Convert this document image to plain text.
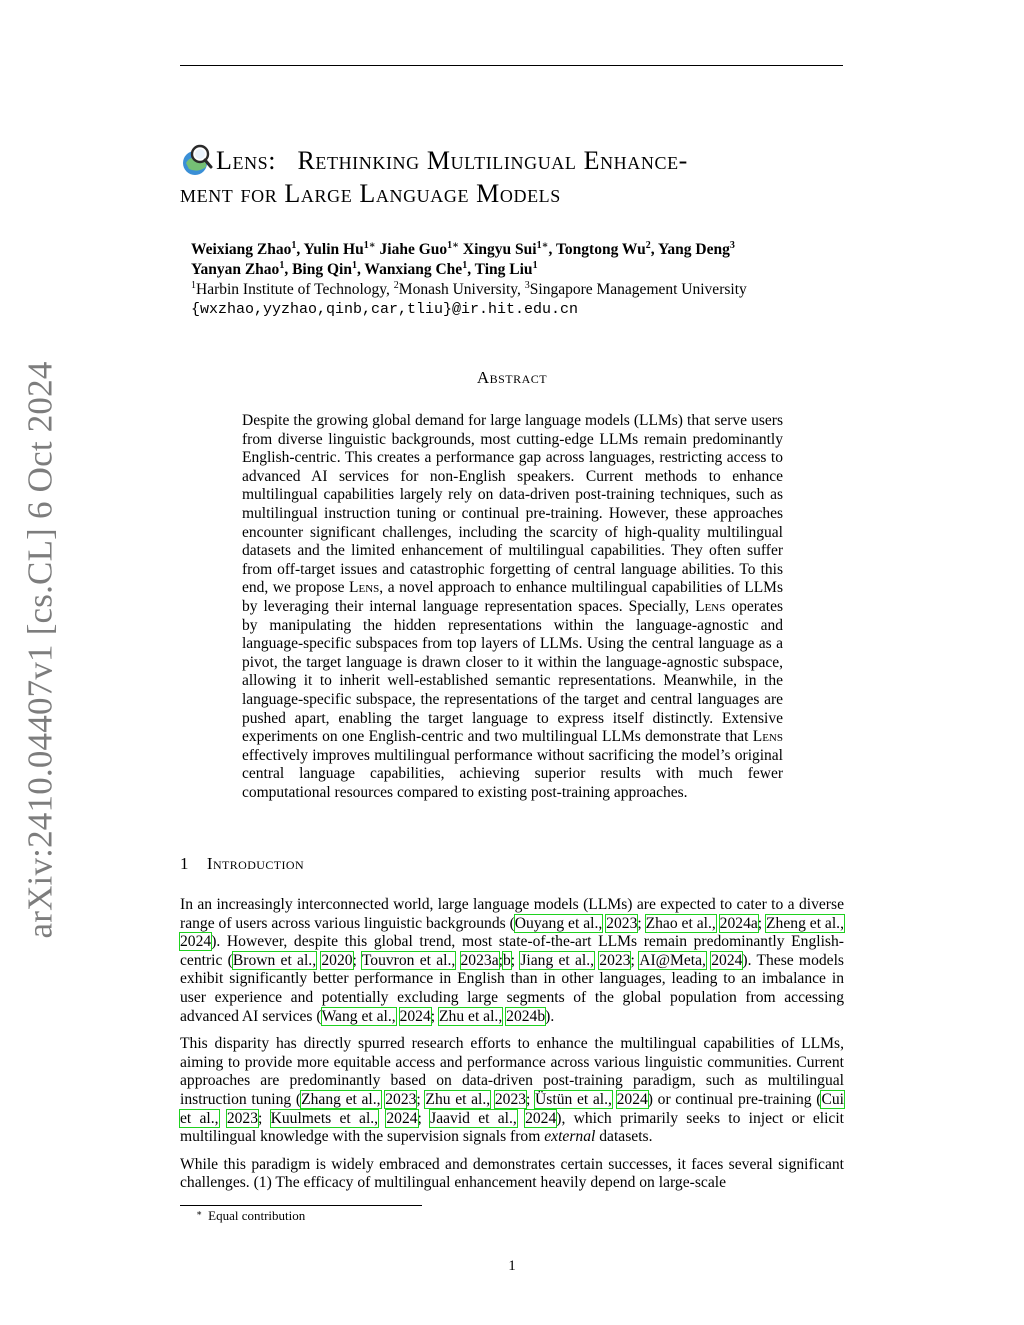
arXiv:2410.04407v1 [cs.CL] 6 Oct 2024
Lens: Rethinking Multilingual Enhance-
ment for Large Language Models
Weixiang Zhao$^1$, Yulin $Hu^{1∗}$ Jiahe Guo$^{1∗}$ Xingyu Sui$^{1∗}$, Tongtong Wu$^2$, Yang Deng$^3$
Yanyan Zhao$^1$, Bing Qin$^1$, Wanxiang Che$^1$, Ting Liu$^1$
$^1$Harbin Institute of Technology, $^2$Monash University, $^3$Singapore Management University
{wxzhao,yyzhao,qinb,car,tliu}@ir.hit.edu.cn
Abstract
Despite the growing global demand for large language models (LLMs) that serve users from diverse linguistic backgrounds, most cutting-edge LLMs remain predominantly English-centric. This creates a performance gap across languages, restricting access to advanced AI services for non-English speakers. Current methods to enhance multilingual capabilities largely rely on data-driven post-training techniques, such as multilingual instruction tuning or continual pre-training. However, these approaches encounter significant challenges, including the scarcity of high-quality multilingual datasets and the limited enhancement of multilingual capabilities. They often suffer from off-target issues and catastrophic forgetting of central language abilities. To this end, we propose Lens, a novel approach to enhance multilingual capabilities of LLMs by leveraging their internal language representation spaces. Specially, Lens operates by manipulating the hidden representations within the language-agnostic and language-specific subspaces from top layers of LLMs. Using the central language as a pivot, the target language is drawn closer to it within the language-agnostic subspace, allowing it to inherit well-established semantic representations. Meanwhile, in the language-specific subspace, the representations of the target and central languages are pushed apart, enabling the target language to express itself distinctly. Extensive experiments on one English-centric and two multilingual LLMs demonstrate that Lens effectively improves multilingual performance without sacrificing the model’s original central language capabilities, achieving superior results with much fewer computational resources compared to existing post-training approaches.
1 Introduction

In an increasingly interconnected world, large language models (LLMs) are expected to cater to a diverse range of users across various linguistic backgrounds (Ouyang et al., 2023; Zhao et al., 2024a; Zheng et al., 2024). However, despite this global trend, most state-of-the-art LLMs remain predominantly English-centric (Brown et al., 2020; Touvron et al., 2023a;b; Jiang et al., 2023; AI@Meta, 2024). These models exhibit significantly better performance in English than in other languages, leading to an imbalance in user experience and potentially excluding large segments of the global population from accessing advanced AI services (Wang et al., 2024; Zhu et al., 2024b).

This disparity has directly spurred research efforts to enhance the multilingual capabilities of LLMs, aiming to provide more equitable access and performance across various linguistic communities. Current approaches are predominantly based on data-driven post-training paradigm, such as multilingual instruction tuning (Zhang et al., 2023; Zhu et al., 2023; Üstün et al., 2024) or continual pre-training (Cui et al., 2023; Kuulmets et al., 2024; Jaavid et al., 2024), which primarily seeks to inject or elicit multilingual knowledge with the supervision signals from external datasets.

While this paradigm is widely embraced and demonstrates certain successes, it faces several significant challenges. (1) The efficacy of multilingual enhancement heavily depend on large-scale

∗ Equal contribution
1
